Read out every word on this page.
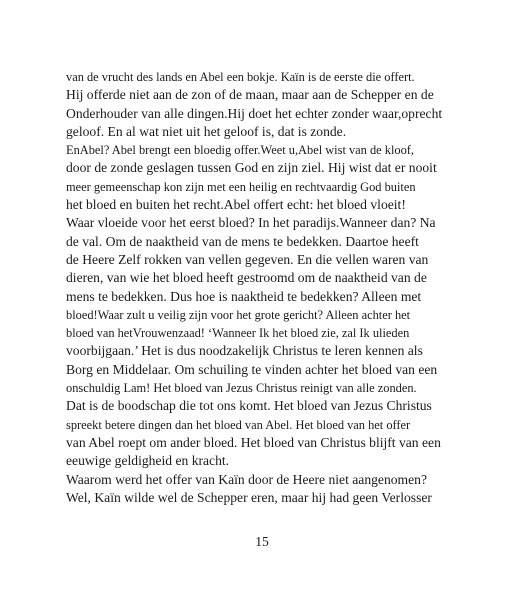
van de vrucht des lands en Abel een bokje. Kaïn is de eerste die offert.
Hij offerde niet aan de zon of de maan, maar aan de Schepper en de
Onderhouder van alle dingen.Hij doet het echter zonder waar,oprecht
geloof. En al wat niet uit het geloof is, dat is zonde.
EnAbel? Abel brengt een bloedig offer.Weet u,Abel wist van de kloof,
door de zonde geslagen tussen God en zijn ziel. Hij wist dat er nooit
meer gemeenschap kon zijn met een heilig en rechtvaardig God buiten
het bloed en buiten het recht.Abel offert echt: het bloed vloeit!
Waar vloeide voor het eerst bloed? In het paradijs.Wanneer dan? Na
de val. Om de naaktheid van de mens te bedekken. Daartoe heeft
de Heere Zelf rokken van vellen gegeven. En die vellen waren van
dieren, van wie het bloed heeft gestroomd om de naaktheid van de
mens te bedekken. Dus hoe is naaktheid te bedekken? Alleen met
bloed!Waar zult u veilig zijn voor het grote gericht? Alleen achter het
bloed van hetVrouwenzaad! ‘Wanneer Ik het bloed zie, zal Ik ulieden
voorbijgaan.’ Het is dus noodzakelijk Christus te leren kennen als
Borg en Middelaar. Om schuiling te vinden achter het bloed van een
onschuldig Lam! Het bloed van Jezus Christus reinigt van alle zonden.
Dat is de boodschap die tot ons komt. Het bloed van Jezus Christus
spreekt betere dingen dan het bloed van Abel. Het bloed van het offer
van Abel roept om ander bloed. Het bloed van Christus blijft van een
eeuwige geldigheid en kracht.
Waarom werd het offer van Kaïn door de Heere niet aangenomen?
Wel, Kaïn wilde wel de Schepper eren, maar hij had geen Verlosser
15
